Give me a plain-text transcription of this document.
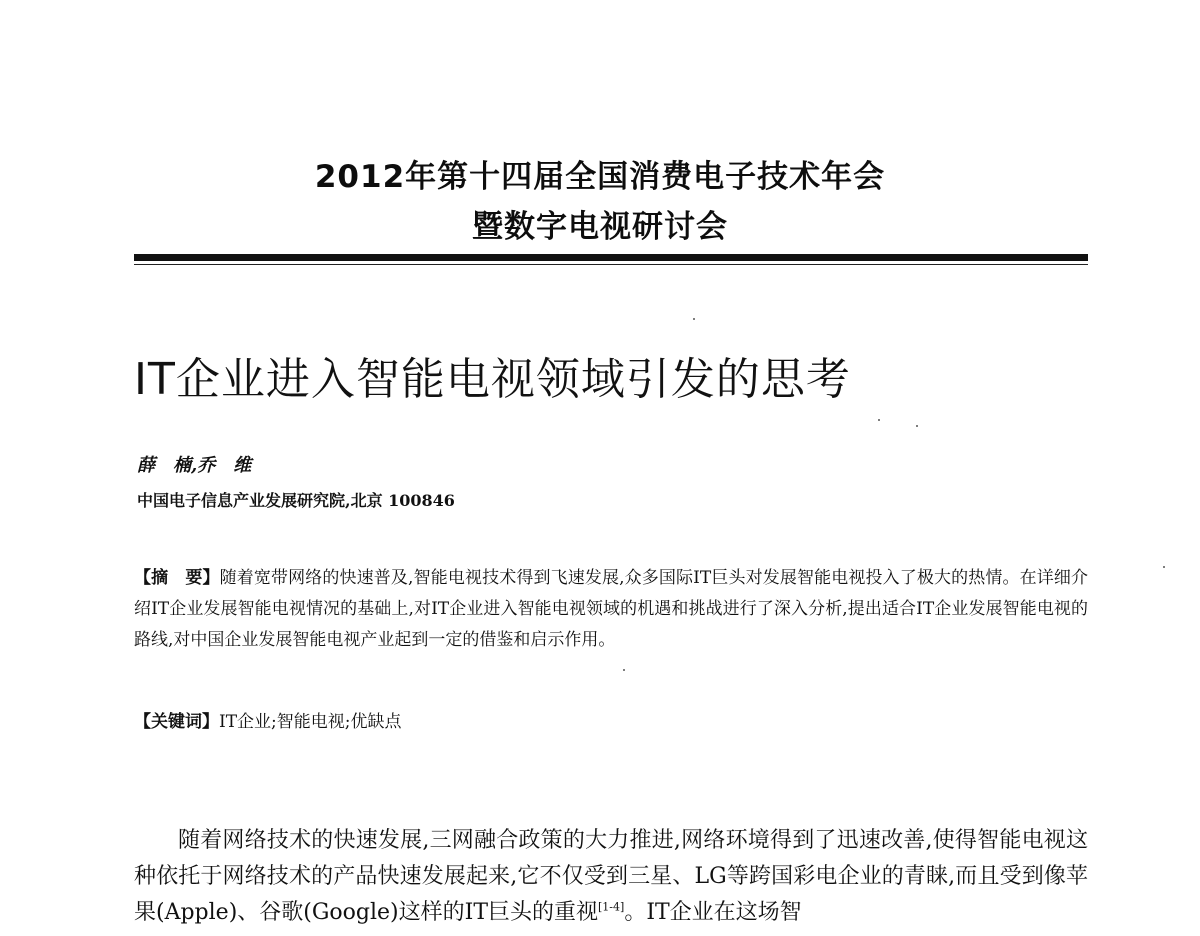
2012年第十四届全国消费电子技术年会
暨数字电视研讨会
IT企业进入智能电视领域引发的思考
薛　楠,乔　维
中国电子信息产业发展研究院,北京 100846
【摘　要】随着宽带网络的快速普及,智能电视技术得到飞速发展,众多国际IT巨头对发展智能电视投入了极大的热情。在详细介绍IT企业发展智能电视情况的基础上,对IT企业进入智能电视领域的机遇和挑战进行了深入分析,提出适合IT企业发展智能电视的路线,对中国企业发展智能电视产业起到一定的借鉴和启示作用。
【关键词】IT企业;智能电视;优缺点
随着网络技术的快速发展,三网融合政策的大力推进,网络环境得到了迅速改善,使得智能电视这种依托于网络技术的产品快速发展起来,它不仅受到三星、LG等跨国彩电企业的青睐,而且受到像苹果(Apple)、谷歌(Google)这样的IT巨头的重视[1-4]。IT企业在这场智
